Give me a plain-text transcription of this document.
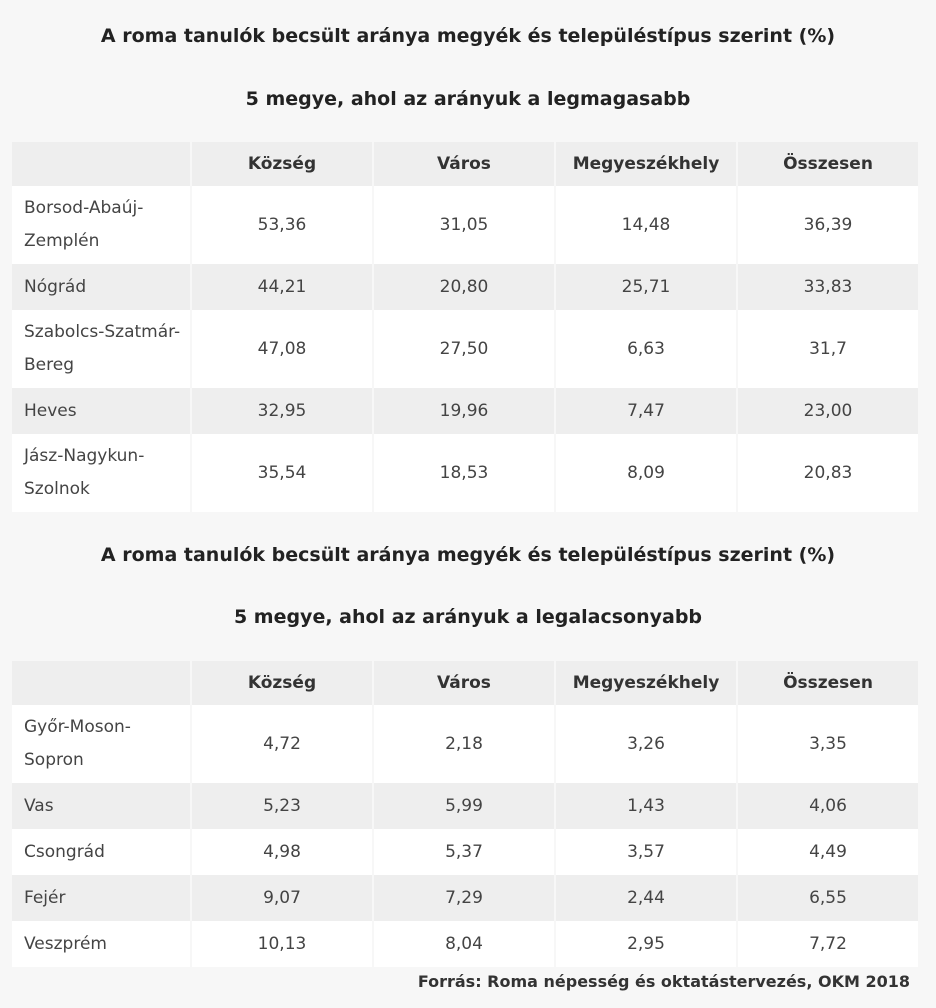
A roma tanulók becsült aránya megyék és településtípus szerint (%)
5 megye, ahol az arányuk a legmagasabb
	Község	Város	Megyeszékhely	Összesen
Borsod-Abaúj-Zemplén	53,36	31,05	14,48	36,39
Nógrád	44,21	20,80	25,71	33,83
Szabolcs-Szatmár-Bereg	47,08	27,50	6,63	31,7
Heves	32,95	19,96	7,47	23,00
Jász-Nagykun-Szolnok	35,54	18,53	8,09	20,83
A roma tanulók becsült aránya megyék és településtípus szerint (%)
5 megye, ahol az arányuk a legalacsonyabb
	Község	Város	Megyeszékhely	Összesen
Győr-Moson-Sopron	4,72	2,18	3,26	3,35
Vas	5,23	5,99	1,43	4,06
Csongrád	4,98	5,37	3,57	4,49
Fejér	9,07	7,29	2,44	6,55
Veszprém	10,13	8,04	2,95	7,72
Forrás: Roma népesség és oktatástervezés, OKM 2018
